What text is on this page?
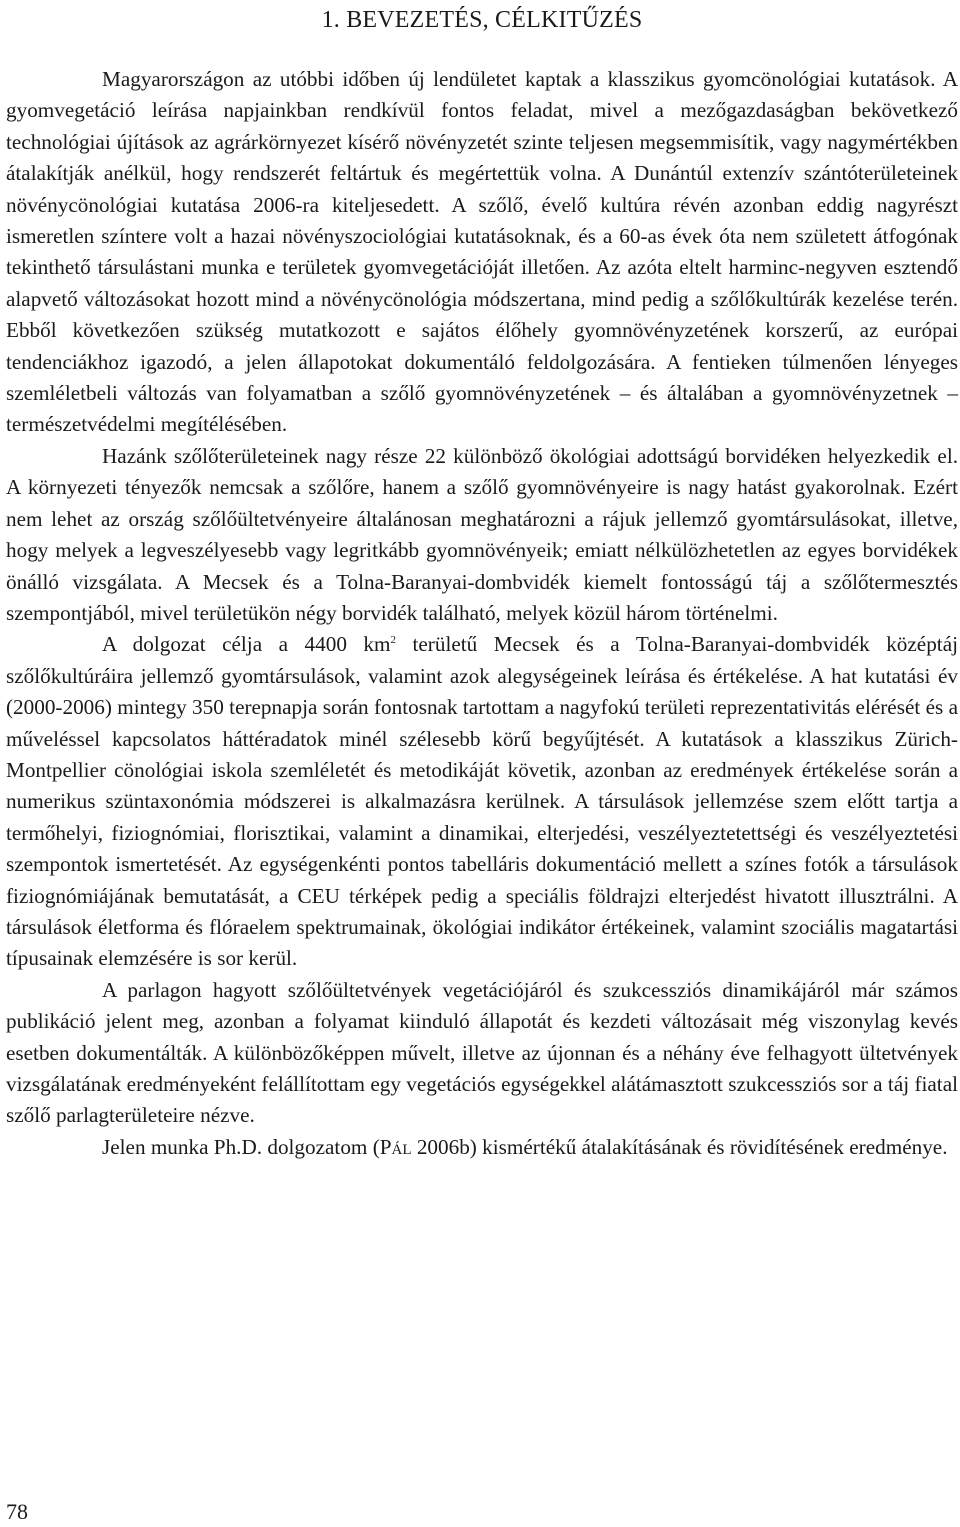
1. BEVEZETÉS, CÉLKITŰZÉS

Magyarországon az utóbbi időben új lendületet kaptak a klasszikus gyomcönológiai kutatások. A gyomvegetáció leírása napjainkban rendkívül fontos feladat, mivel a mezőgazdaságban bekövetkező technológiai újítások az agrárkörnyezet kísérő növényzetét szinte teljesen megsemmisítik, vagy nagymértékben átalakítják anélkül, hogy rendszerét feltártuk és megértettük volna. A Dunántúl extenzív szántóterületeinek növénycönológiai kutatása 2006-ra kiteljesedett. A szőlő, évelő kultúra révén azonban eddig nagyrészt ismeretlen színtere volt a hazai növényszociológiai kutatásoknak, és a 60-as évek óta nem született átfogónak tekinthető társulástani munka e területek gyomvegetációját illetően. Az azóta eltelt harminc-negyven esztendő alapvető változásokat hozott mind a növénycönológia módszertana, mind pedig a szőlőkultúrák kezelése terén. Ebből következően szükség mutatkozott e sajátos élőhely gyomnövényzetének korszerű, az európai tendenciákhoz igazodó, a jelen állapotokat dokumentáló feldolgozására. A fentieken túlmenően lényeges szemléletbeli változás van folyamatban a szőlő gyomnövényzetének – és általában a gyomnövényzetnek – természetvédelmi megítélésében.

Hazánk szőlőterületeinek nagy része 22 különböző ökológiai adottságú borvidéken helyezkedik el. A környezeti tényezők nemcsak a szőlőre, hanem a szőlő gyomnövényeire is nagy hatást gyakorolnak. Ezért nem lehet az ország szőlőültetvényeire általánosan meghatározni a rájuk jellemző gyomtársulásokat, illetve, hogy melyek a legveszélyesebb vagy legritkább gyomnövényeik; emiatt nélkülözhetetlen az egyes borvidékek önálló vizsgálata. A Mecsek és a Tolna-Baranyai-dombvidék kiemelt fontosságú táj a szőlőtermesztés szempontjából, mivel területükön négy borvidék található, melyek közül három történelmi.

A dolgozat célja a 4400 $km^2$ területű Mecsek és a Tolna-Baranyai-dombvidék középtáj szőlőkultúráira jellemző gyomtársulások, valamint azok alegységeinek leírása és értékelése. A hat kutatási év (2000-2006) mintegy 350 terepnapja során fontosnak tartottam a nagyfokú területi reprezentativitás elérését és a műveléssel kapcsolatos háttéradatok minél szélesebb körű begyűjtését. A kutatások a klasszikus Zürich-Montpellier cönológiai iskola szemléletét és metodikáját követik, azonban az eredmények értékelése során a numerikus szüntaxonómia módszerei is alkalmazásra kerülnek. A társulások jellemzése szem előtt tartja a termőhelyi, fiziognómiai, florisztikai, valamint a dinamikai, elterjedési, veszélyeztetettségi és veszélyeztetési szempontok ismertetését. Az egységenkénti pontos tabelláris dokumentáció mellett a színes fotók a társulások fiziognómiájának bemutatását, a CEU térképek pedig a speciális földrajzi elterjedést hivatott illusztrálni. A társulások életforma és flóraelem spektrumainak, ökológiai indikátor értékeinek, valamint szociális magatartási típusainak elemzésére is sor kerül.

A parlagon hagyott szőlőültetvények vegetációjáról és szukcessziós dinamikájáról már számos publikáció jelent meg, azonban a folyamat kiinduló állapotát és kezdeti változásait még viszonylag kevés esetben dokumentálták. A különbözőképpen művelt, illetve az újonnan és a néhány éve felhagyott ültetvények vizsgálatának eredményeként felállítottam egy vegetációs egységekkel alátámasztott szukcessziós sor a táj fiatal szőlő parlagterületeire nézve.

Jelen munka Ph.D. dolgozatom (Pál 2006b) kismértékű átalakításának és rövidítésének eredménye.

78
